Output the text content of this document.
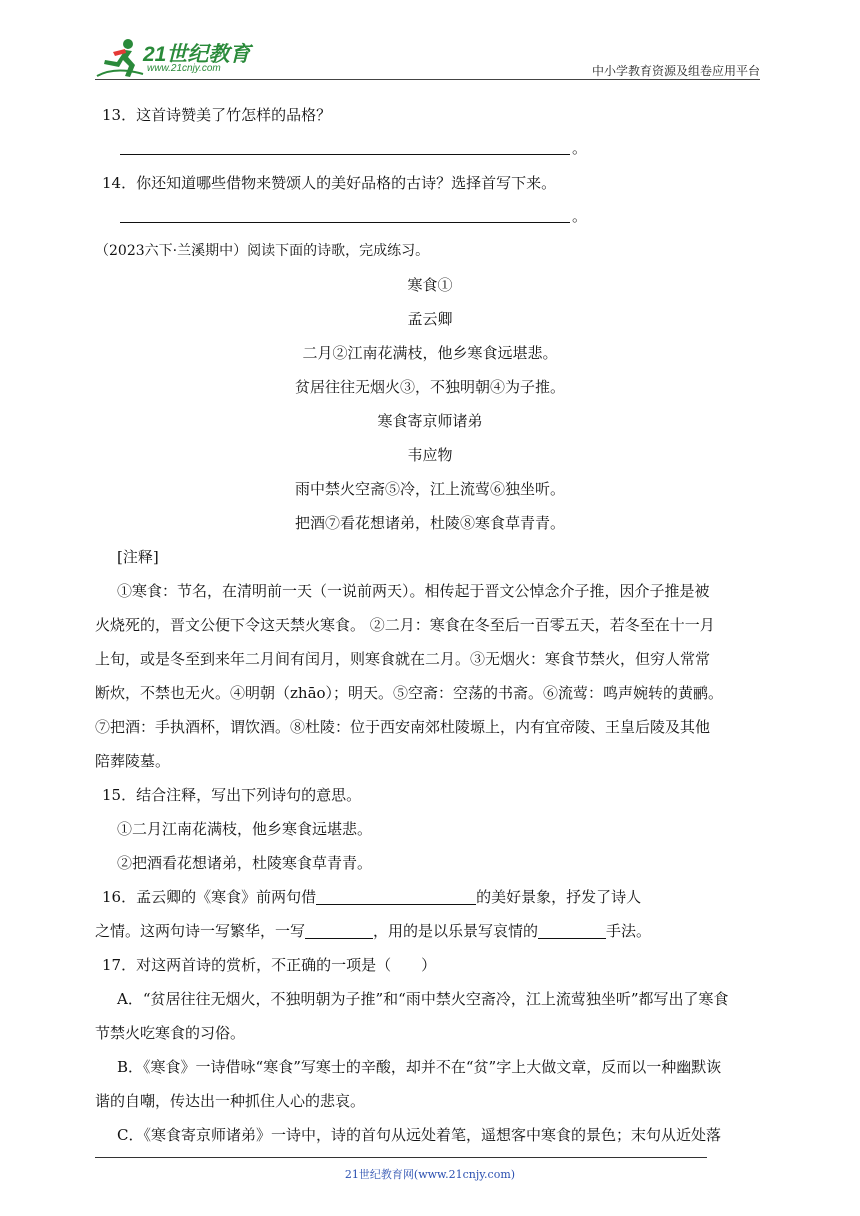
21世纪教育
www.21cnjy.com	中小学教育资源及组卷应用平台

13．这首诗赞美了竹怎样的品格？

。

14．你还知道哪些借物来赞颂人的美好品格的古诗？选择首写下来。

。

（2023六下·兰溪期中）阅读下面的诗歌，完成练习。

寒食①

孟云卿

二月②江南花满枝，他乡寒食远堪悲。

贫居往往无烟火③，不独明朝④为子推。

寒食寄京师诸弟

韦应物

雨中禁火空斋⑤冷，江上流莺⑥独坐听。

把酒⑦看花想诸弟，杜陵⑧寒食草青青。

[注释]

①寒食：节名，在清明前一天（一说前两天）。相传起于晋文公悼念介子推，因介子推是被

火烧死的，晋文公便下令这天禁火寒食。 ②二月：寒食在冬至后一百零五天，若冬至在十一月

上旬，或是冬至到来年二月间有闰月，则寒食就在二月。③无烟火：寒食节禁火，但穷人常常

断炊，不禁也无火。④明朝（zhāo）；明天。⑤空斋：空荡的书斋。⑥流莺：鸣声婉转的黄鹂。

⑦把酒：手执酒杯，谓饮酒。⑧杜陵：位于西安南郊杜陵塬上，内有宜帝陵、王皇后陵及其他

陪葬陵墓。

15．结合注释，写出下列诗句的意思。

①二月江南花满枝，他乡寒食远堪悲。

②把酒看花想诸弟，杜陵寒食草青青。

16．孟云卿的《寒食》前两句借	的美好景象，抒发了诗人

之情。这两句诗一写繁华，一写	，用的是以乐景写哀情的	手法。

17．对这两首诗的赏析，不正确的一项是（　　）

A．“贫居往往无烟火，不独明朝为子推”和“雨中禁火空斋冷，江上流莺独坐听”都写出了寒食

节禁火吃寒食的习俗。

B．《寒食》一诗借咏“寒食”写寒士的辛酸，却并不在“贫”字上大做文章，反而以一种幽默诙

谐的自嘲，传达出一种抓住人心的悲哀。

C．《寒食寄京师诸弟》一诗中，诗的首句从远处着笔，遥想客中寒食的景色；末句从近处落

21世纪教育网(www.21cnjy.com)
